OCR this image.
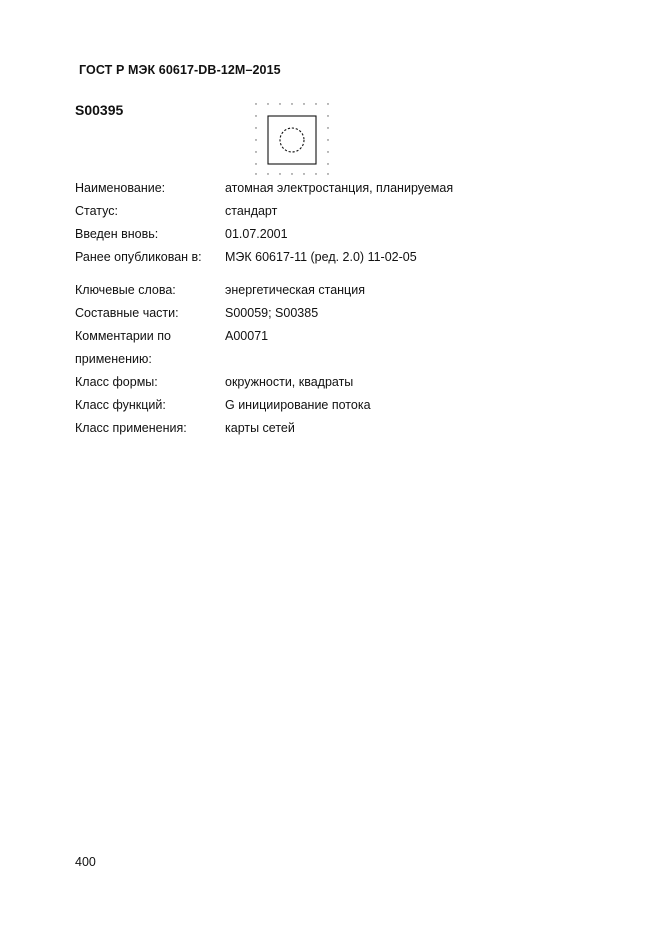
ГОСТ Р МЭК 60617-DB-12M–2015
S00395
Наименование:	атомная электростанция, планируемая
Статус:	стандарт
Введен вновь:	01.07.2001
Ранее опубликован в:	МЭК 60617-11 (ред. 2.0) 11-02-05
Ключевые слова:	энергетическая станция
Составные части:	S00059; S00385
Комментарии по
применению:
A00071
Класс формы:	окружности, квадраты
Класс функций:	G инициирование потока
Класс применения:	карты сетей
400
